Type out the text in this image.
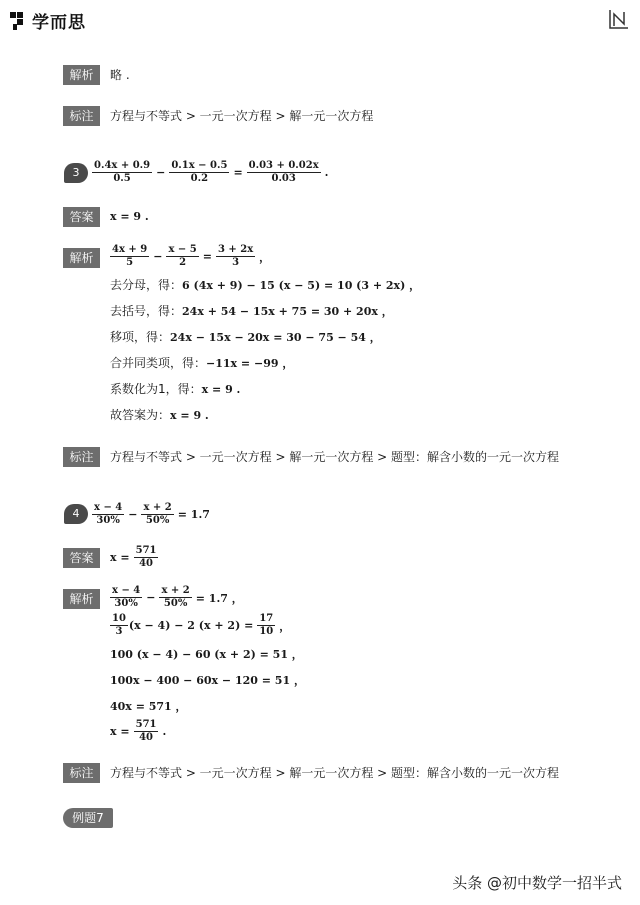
学而思
解析	略 .
标注	方程与不等式 > 一元一次方程 > 解一元一次方程
3	$\frac{0.4x + 0.9}{0.5} - \frac{0.1x - 0.5}{0.2} = \frac{0.03 + 0.02x}{0.03}$ .
答案	x = 9 .
解析	$\frac{4x + 9}{5} - \frac{x - 5}{2} = \frac{3 + 2x}{3}$ ，
去分母，得：6 (4x + 9) − 15 (x − 5) = 10 (3 + 2x) ，
去括号，得：24x + 54 − 15x + 75 = 30 + 20x ，
移项，得：24x − 15x − 20x = 30 − 75 − 54 ，
合并同类项，得：−11x = −99 ，
系数化为1，得：x = 9 .
故答案为：x = 9 .
标注	方程与不等式 > 一元一次方程 > 解一元一次方程 > 题型：解含小数的一元一次方程
4	$\frac{x - 4}{30\%} - \frac{x + 2}{50\%} = 1.7$
答案	$x = \frac{571}{40}$
解析	$\frac{x - 4}{30\%} - \frac{x + 2}{50\%} = 1.7$ ，
$\frac{10}{3} (x - 4) - 2$ $(x + 2) = \frac{17}{10}$ ，
100 (x − 4) − 60 (x + 2) = 51 ，
100x − 400 − 60x − 120 = 51 ，
40x = 571 ，
$x = \frac{571}{40}$ .
标注	方程与不等式 > 一元一次方程 > 解一元一次方程 > 题型：解含小数的一元一次方程
例题7
头条 @初中数学一招半式
